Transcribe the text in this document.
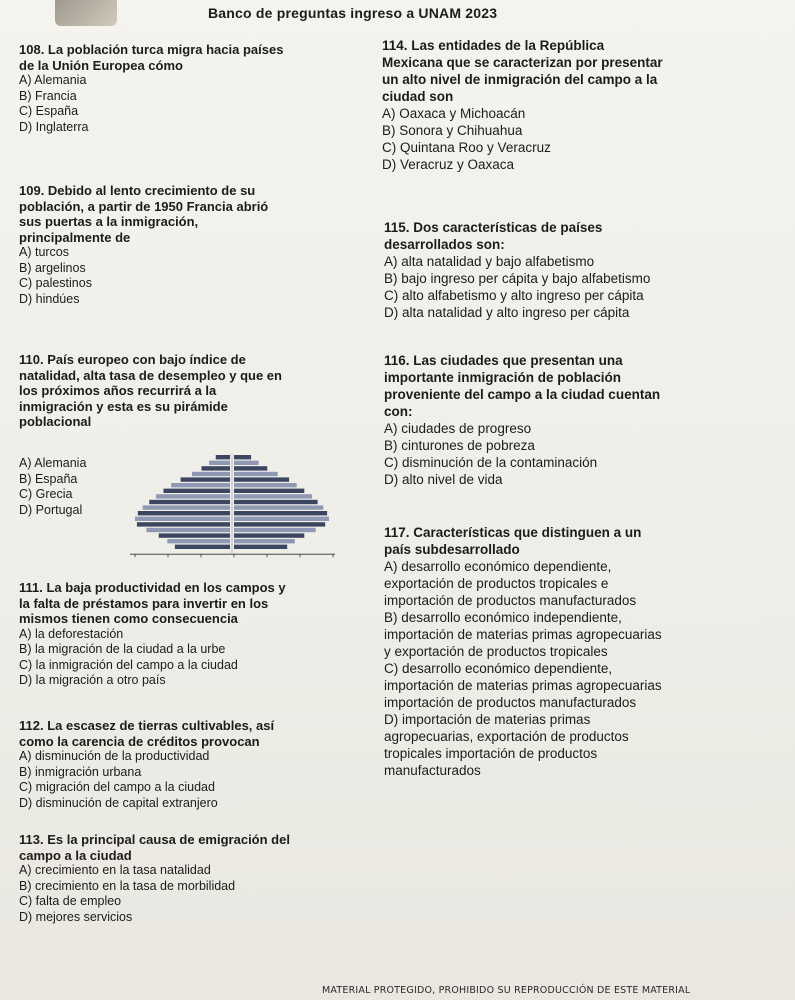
Banco de preguntas ingreso a UNAM 2023
108. La población turca migra hacia países
de la Unión Europea cómo
A) Alemania
B) Francia
C) España
D) Inglaterra
109. Debido al lento crecimiento de su
población, a partir de 1950 Francia abrió
sus puertas a la inmigración,
principalmente de
A) turcos
B) argelinos
C) palestinos
D) hindúes
110. País europeo con bajo índice de
natalidad, alta tasa de desempleo y que en
los próximos años recurrirá a la
inmigración y esta es su pirámide
poblacional
A) Alemania
B) España
C) Grecia
D) Portugal
111. La baja productividad en los campos y
la falta de préstamos para invertir en los
mismos tienen como consecuencia
A) la deforestación
B) la migración de la ciudad a la urbe
C) la inmigración del campo a la ciudad
D) la migración a otro país
112. La escasez de tierras cultivables, así
como la carencia de créditos provocan
A) disminución de la productividad
B) inmigración urbana
C) migración del campo a la ciudad
D) disminución de capital extranjero
113. Es la principal causa de emigración del
campo a la ciudad
A) crecimiento en la tasa natalidad
B) crecimiento en la tasa de morbilidad
C) falta de empleo
D) mejores servicios
114. Las entidades de la República
Mexicana que se caracterizan por presentar
un alto nivel de inmigración del campo a la
ciudad son
A) Oaxaca y Michoacán
B) Sonora y Chihuahua
C) Quintana Roo y Veracruz
D) Veracruz y Oaxaca
115. Dos características de países
desarrollados son:
A) alta natalidad y bajo alfabetismo
B) bajo ingreso per cápita y bajo alfabetismo
C) alto alfabetismo y alto ingreso per cápita
D) alta natalidad y alto ingreso per cápita
116. Las ciudades que presentan una
importante inmigración de población
proveniente del campo a la ciudad cuentan
con:
A) ciudades de progreso
B) cinturones de pobreza
C) disminución de la contaminación
D) alto nivel de vida
117. Características que distinguen a un
país subdesarrollado
A) desarrollo económico dependiente,
exportación de productos tropicales e
importación de productos manufacturados
B) desarrollo económico independiente,
importación de materias primas agropecuarias
y exportación de productos tropicales
C) desarrollo económico dependiente,
importación de materias primas agropecuarias
importación de productos manufacturados
D) importación de materias primas
agropecuarias, exportación de productos
tropicales importación de productos
manufacturados
MATERIAL PROTEGIDO, PROHIBIDO SU REPRODUCCIÓN DE ESTE MATERIAL
